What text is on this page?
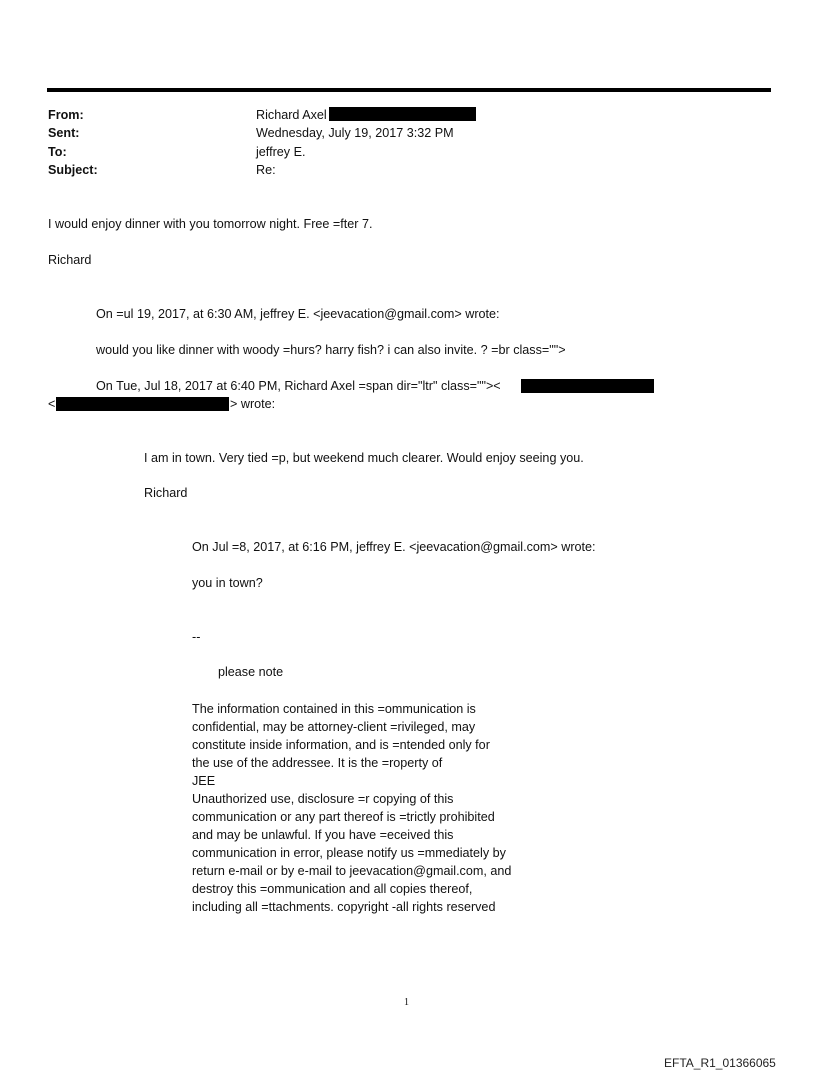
From:
Sent:
To:
Subject:
Richard Axel
Wednesday, July 19, 2017 3:32 PM
jeffrey E.
Re:
I would enjoy dinner with you tomorrow night. Free =fter 7.
Richard
On =ul 19, 2017, at 6:30 AM, jeffrey E. <jeevacation@gmail.com> wrote:
would you like dinner with woody =hurs? harry fish? i can also invite. ? =br class="">
On Tue, Jul 18, 2017 at 6:40 PM, Richard Axel =span dir="ltr" class=""><
<	> wrote:
I am in town. Very tied =p, but weekend much clearer. Would enjoy seeing you.
Richard
On Jul =8, 2017, at 6:16 PM, jeffrey E. <jeevacation@gmail.com> wrote:
you in town?
--
please note
The information contained in this =ommunication is
confidential, may be attorney-client =rivileged, may
constitute inside information, and is =ntended only for
the use of the addressee. It is the =roperty of
JEE
Unauthorized use, disclosure =r copying of this
communication or any part thereof is =trictly prohibited
and may be unlawful. If you have =eceived this
communication in error, please notify us =mmediately by
return e-mail or by e-mail to jeevacation@gmail.com, and
destroy this =ommunication and all copies thereof,
including all =ttachments. copyright -all rights reserved
1
EFTA_R1_01366065
